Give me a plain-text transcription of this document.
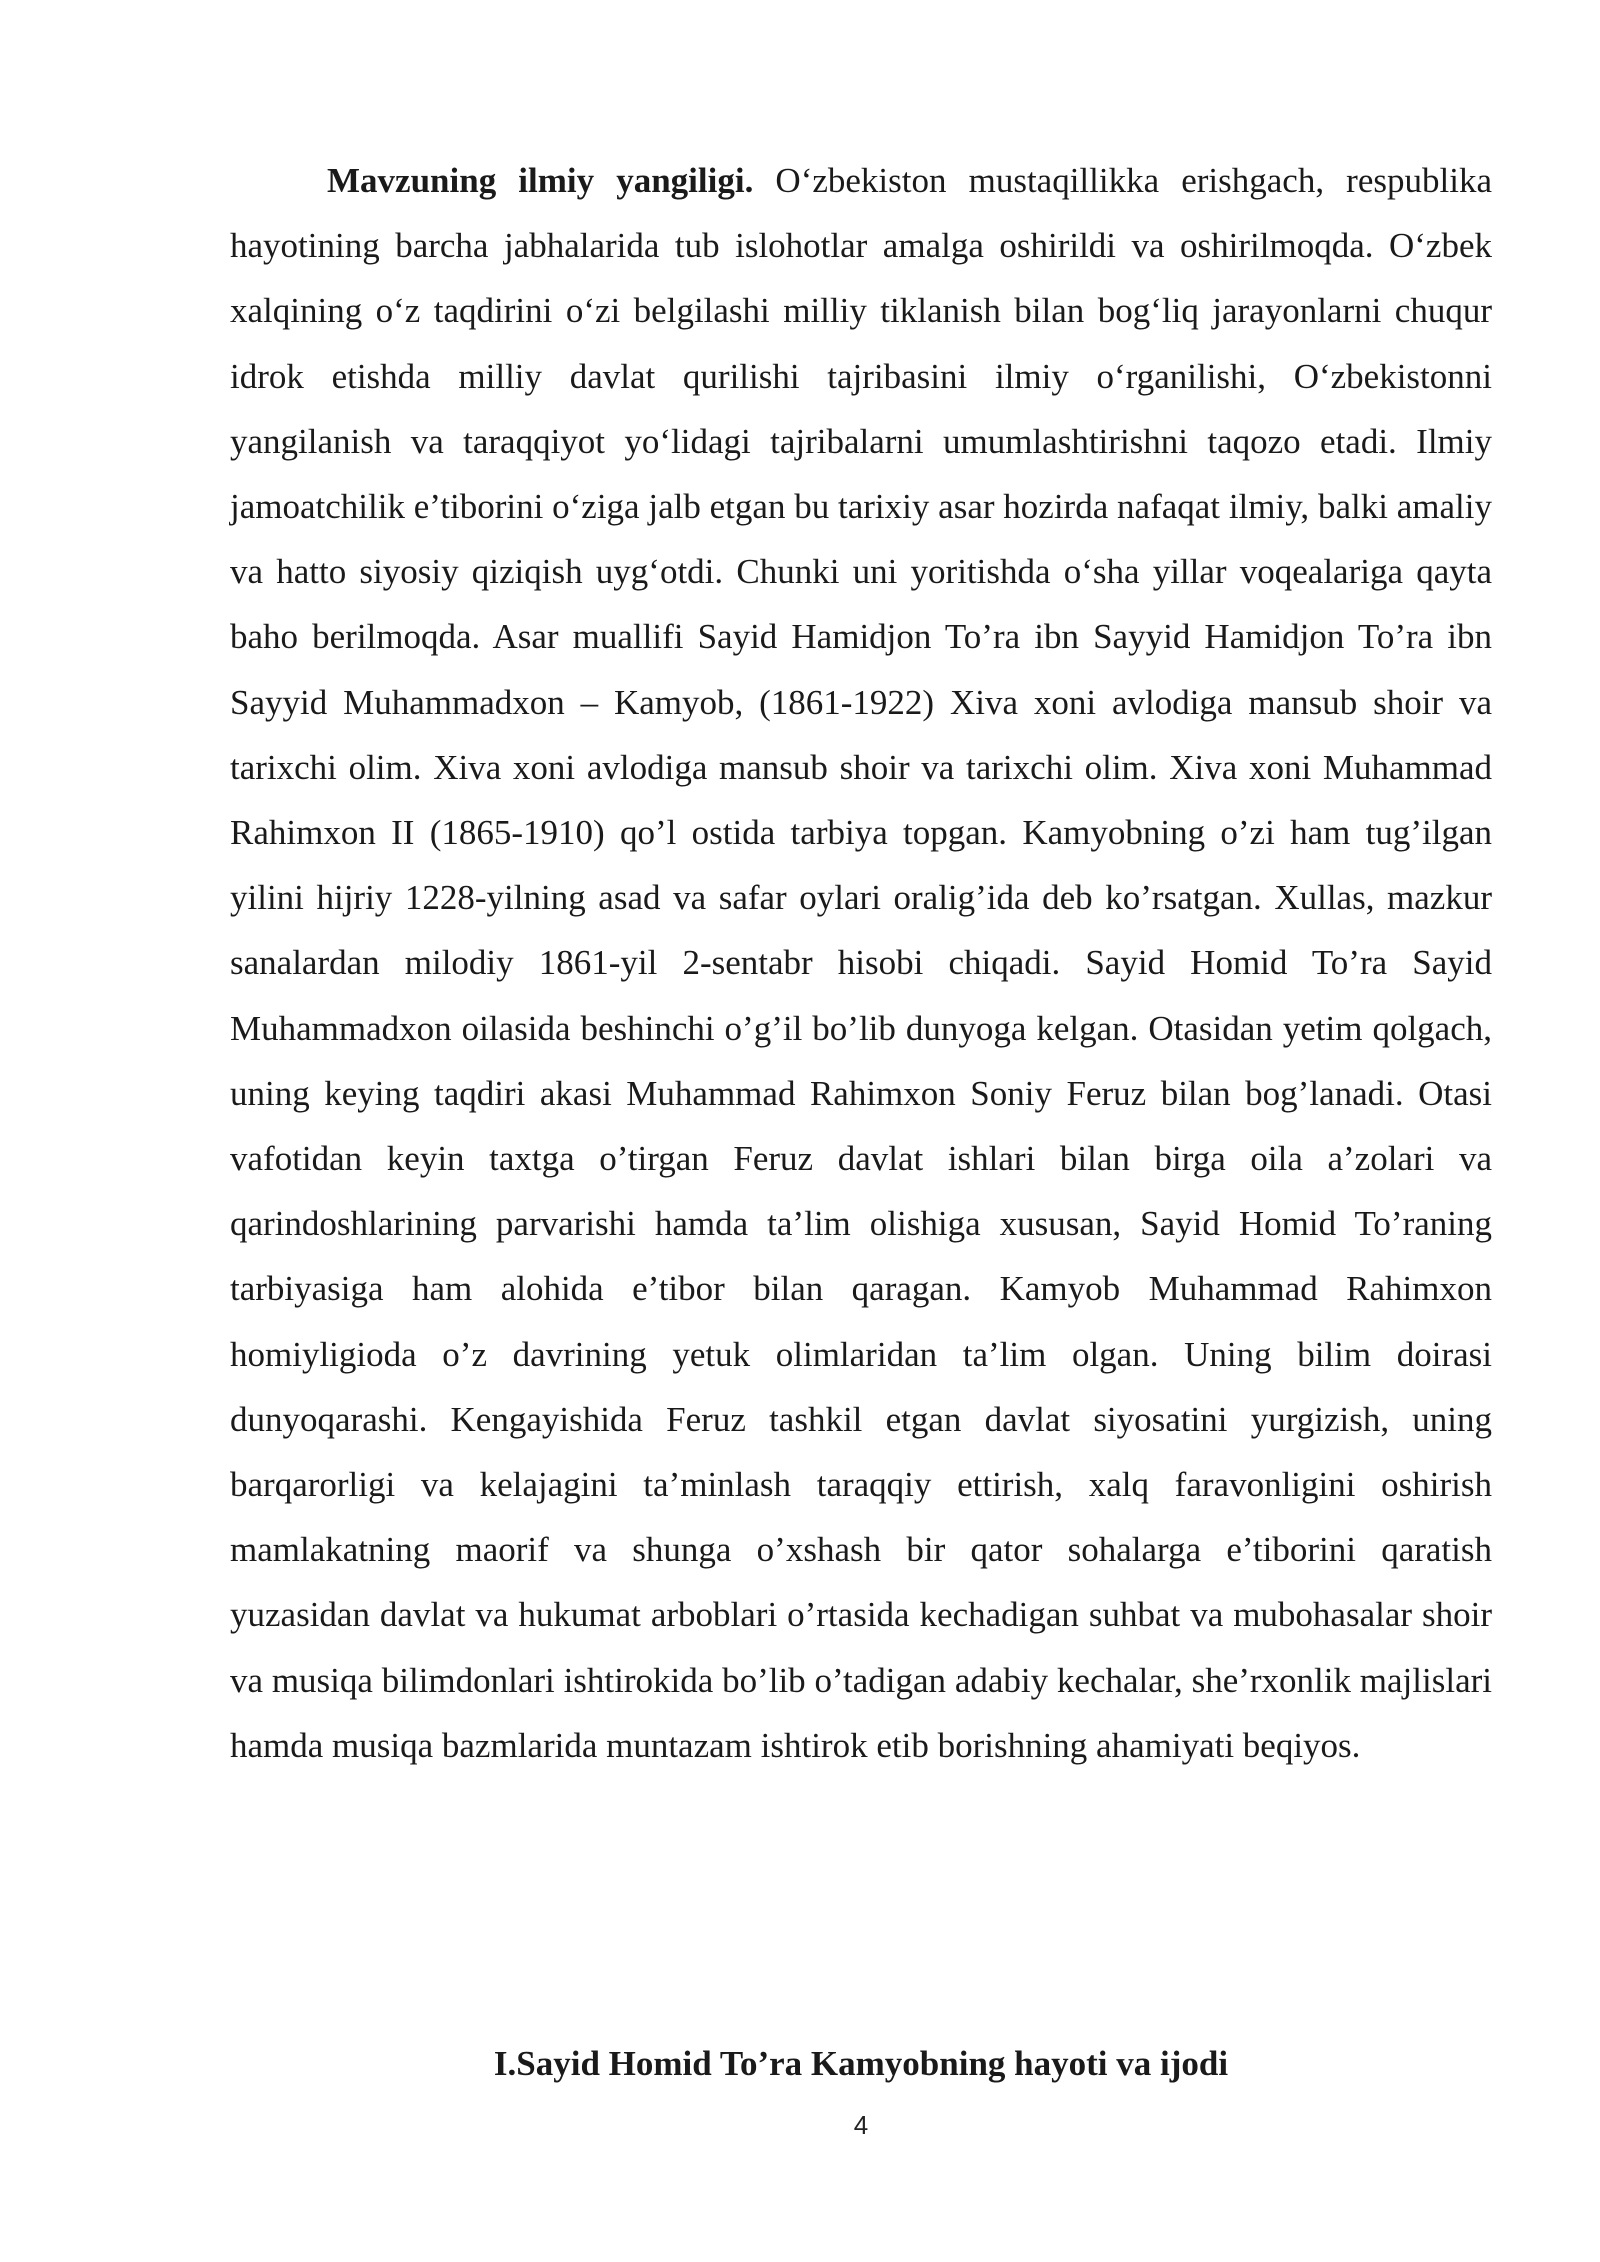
Mavzuning ilmiy yangiligi. O‘zbekiston mustaqillikka erishgach, respublika hayotining barcha jabhalarida tub islohotlar amalga oshirildi va oshirilmoqda. O‘zbek xalqining o‘z taqdirini o‘zi belgilashi milliy tiklanish bilan bog‘liq jarayonlarni chuqur idrok etishda milliy davlat qurilishi tajribasini ilmiy o‘rganilishi, O‘zbekistonni yangilanish va taraqqiyot yo‘lidagi tajribalarni umumlashtirishni taqozo etadi. Ilmiy jamoatchilik e’tiborini o‘ziga jalb etgan bu tarixiy asar hozirda nafaqat ilmiy, balki amaliy va hatto siyosiy qiziqish uyg‘otdi. Chunki uni yoritishda o‘sha yillar voqealariga qayta baho berilmoqda. Asar muallifi Sayid Hamidjon To’ra ibn Sayyid Hamidjon To’ra ibn Sayyid Muhammadxon – Kamyob, (1861-1922) Xiva xoni avlodiga mansub shoir va tarixchi olim. Xiva xoni avlodiga mansub shoir va tarixchi olim. Xiva xoni Muhammad Rahimxon II (1865-1910) qo’l ostida tarbiya topgan. Kamyobning o’zi ham tug’ilgan yilini hijriy 1228-yilning asad va safar oylari oralig’ida deb ko’rsatgan. Xullas, mazkur sanalardan milodiy 1861-yil 2-sentabr hisobi chiqadi. Sayid Homid To’ra Sayid Muhammadxon oilasida beshinchi o’g’il bo’lib dunyoga kelgan. Otasidan yetim qolgach, uning keying taqdiri akasi Muhammad Rahimxon Soniy Feruz bilan bog’lanadi. Otasi vafotidan keyin taxtga o’tirgan Feruz davlat ishlari bilan birga oila a’zolari va qarindoshlarining parvarishi hamda ta’lim olishiga xususan, Sayid Homid To’raning tarbiyasiga ham alohida e’tibor bilan qaragan. Kamyob Muhammad Rahimxon homiyligioda o’z davrining yetuk olimlaridan ta’lim olgan. Uning bilim doirasi dunyoqarashi. Kengayishida Feruz tashkil etgan davlat siyosatini yurgizish, uning barqarorligi va kelajagini ta’minlash taraqqiy ettirish, xalq faravonligini oshirish mamlakatning maorif va shunga o’xshash bir qator sohalarga e’tiborini qaratish yuzasidan davlat va hukumat arboblari o’rtasida kechadigan suhbat va mubohasalar shoir va musiqa bilimdonlari ishtirokida bo’lib o’tadigan adabiy kechalar, she’rxonlik majlislari hamda musiqa bazmlarida muntazam ishtirok etib borishning ahamiyati beqiyos.

I.Sayid Homid To’ra Kamyobning hayoti va ijodi
4
